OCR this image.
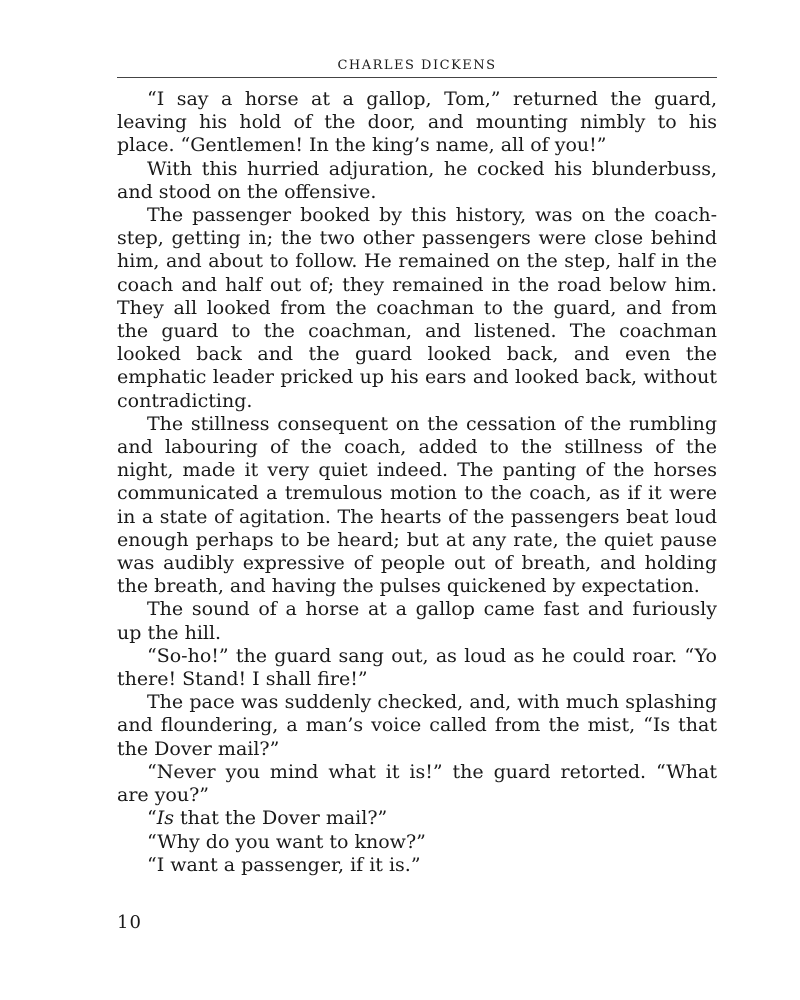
CHARLES DICKENS

“I say a horse at a gallop, Tom,” returned the guard, leaving his hold of the door, and mounting nimbly to his place. “Gentlemen! In the king’s name, all of you!”

With this hurried adjuration, he cocked his blunderbuss, and stood on the offensive.

The passenger booked by this history, was on the coach-step, getting in; the two other passengers were close behind him, and about to follow. He remained on the step, half in the coach and half out of; they remained in the road below him. They all looked from the coachman to the guard, and from the guard to the coachman, and listened. The coachman looked back and the guard looked back, and even the emphatic leader pricked up his ears and looked back, without contradicting.

The stillness consequent on the cessation of the rumbling and labouring of the coach, added to the stillness of the night, made it very quiet indeed. The panting of the horses communicated a tremulous motion to the coach, as if it were in a state of agitation. The hearts of the passengers beat loud enough perhaps to be heard; but at any rate, the quiet pause was audibly expressive of people out of breath, and holding the breath, and having the pulses quickened by expectation.

The sound of a horse at a gallop came fast and furiously up the hill.

“So-ho!” the guard sang out, as loud as he could roar. “Yo there! Stand! I shall fire!”

The pace was suddenly checked, and, with much splashing and floundering, a man’s voice called from the mist, “Is that the Dover mail?”

“Never you mind what it is!” the guard retorted. “What are you?”

“Is that the Dover mail?”

“Why do you want to know?”

“I want a passenger, if it is.”

10
